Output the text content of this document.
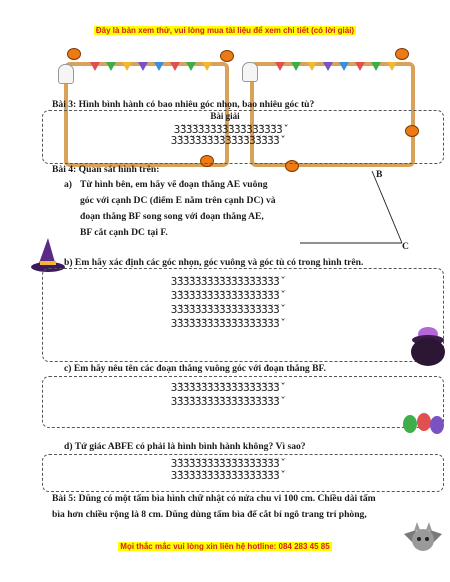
Đây là bản xem thử, vui lòng mua tài liệu để xem chi tiết (có lời giải)
Bài 3: Hình bình hành có bao nhiêu góc nhọn, bao nhiêu góc tù?
Bài giải
З̌З̌З̌З̌З̌З̌З̌З̌З̌З̌З̌З̌З̌З̌З̌З̌З̌З̌
З̌З̌З̌З̌З̌З̌З̌З̌З̌З̌З̌З̌З̌З̌З̌З̌З̌З̌
Bài 4: Quan sát hình trên:
a) Từ hình bên, em hãy vẽ đoạn thẳng AE vuông
góc với cạnh DC (điểm E nằm trên cạnh DC) và
đoạn thẳng BF song song với đoạn thẳng AE,
BF cắt cạnh DC tại F.
B
C
b) Em hãy xác định các góc nhọn, góc vuông và góc tù có trong hình trên.
З̌З̌З̌З̌З̌З̌З̌З̌З̌З̌З̌З̌З̌З̌З̌З̌З̌З̌
З̌З̌З̌З̌З̌З̌З̌З̌З̌З̌З̌З̌З̌З̌З̌З̌З̌З̌
З̌З̌З̌З̌З̌З̌З̌З̌З̌З̌З̌З̌З̌З̌З̌З̌З̌З̌
З̌З̌З̌З̌З̌З̌З̌З̌З̌З̌З̌З̌З̌З̌З̌З̌З̌З̌
c) Em hãy nêu tên các đoạn thẳng vuông góc với đoạn thẳng BF.
З̌З̌З̌З̌З̌З̌З̌З̌З̌З̌З̌З̌З̌З̌З̌З̌З̌З̌
З̌З̌З̌З̌З̌З̌З̌З̌З̌З̌З̌З̌З̌З̌З̌З̌З̌З̌
d) Tứ giác ABFE có phải là hình bình hành không? Vì sao?
З̌З̌З̌З̌З̌З̌З̌З̌З̌З̌З̌З̌З̌З̌З̌З̌З̌З̌
З̌З̌З̌З̌З̌З̌З̌З̌З̌З̌З̌З̌З̌З̌З̌З̌З̌З̌
Bài 5: Dũng có một tấm bìa hình chữ nhật có nửa chu vi 100 cm. Chiều dài tấm
bìa hơn chiều rộng là 8 cm. Dũng dùng tấm bìa để cắt bí ngô trang trí phòng,
Mọi thắc mắc vui lòng xin liên hệ hotline: 084 283 45 85
